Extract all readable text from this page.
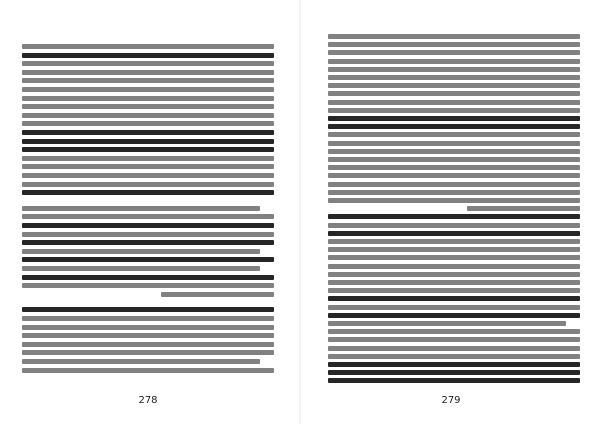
278	279
